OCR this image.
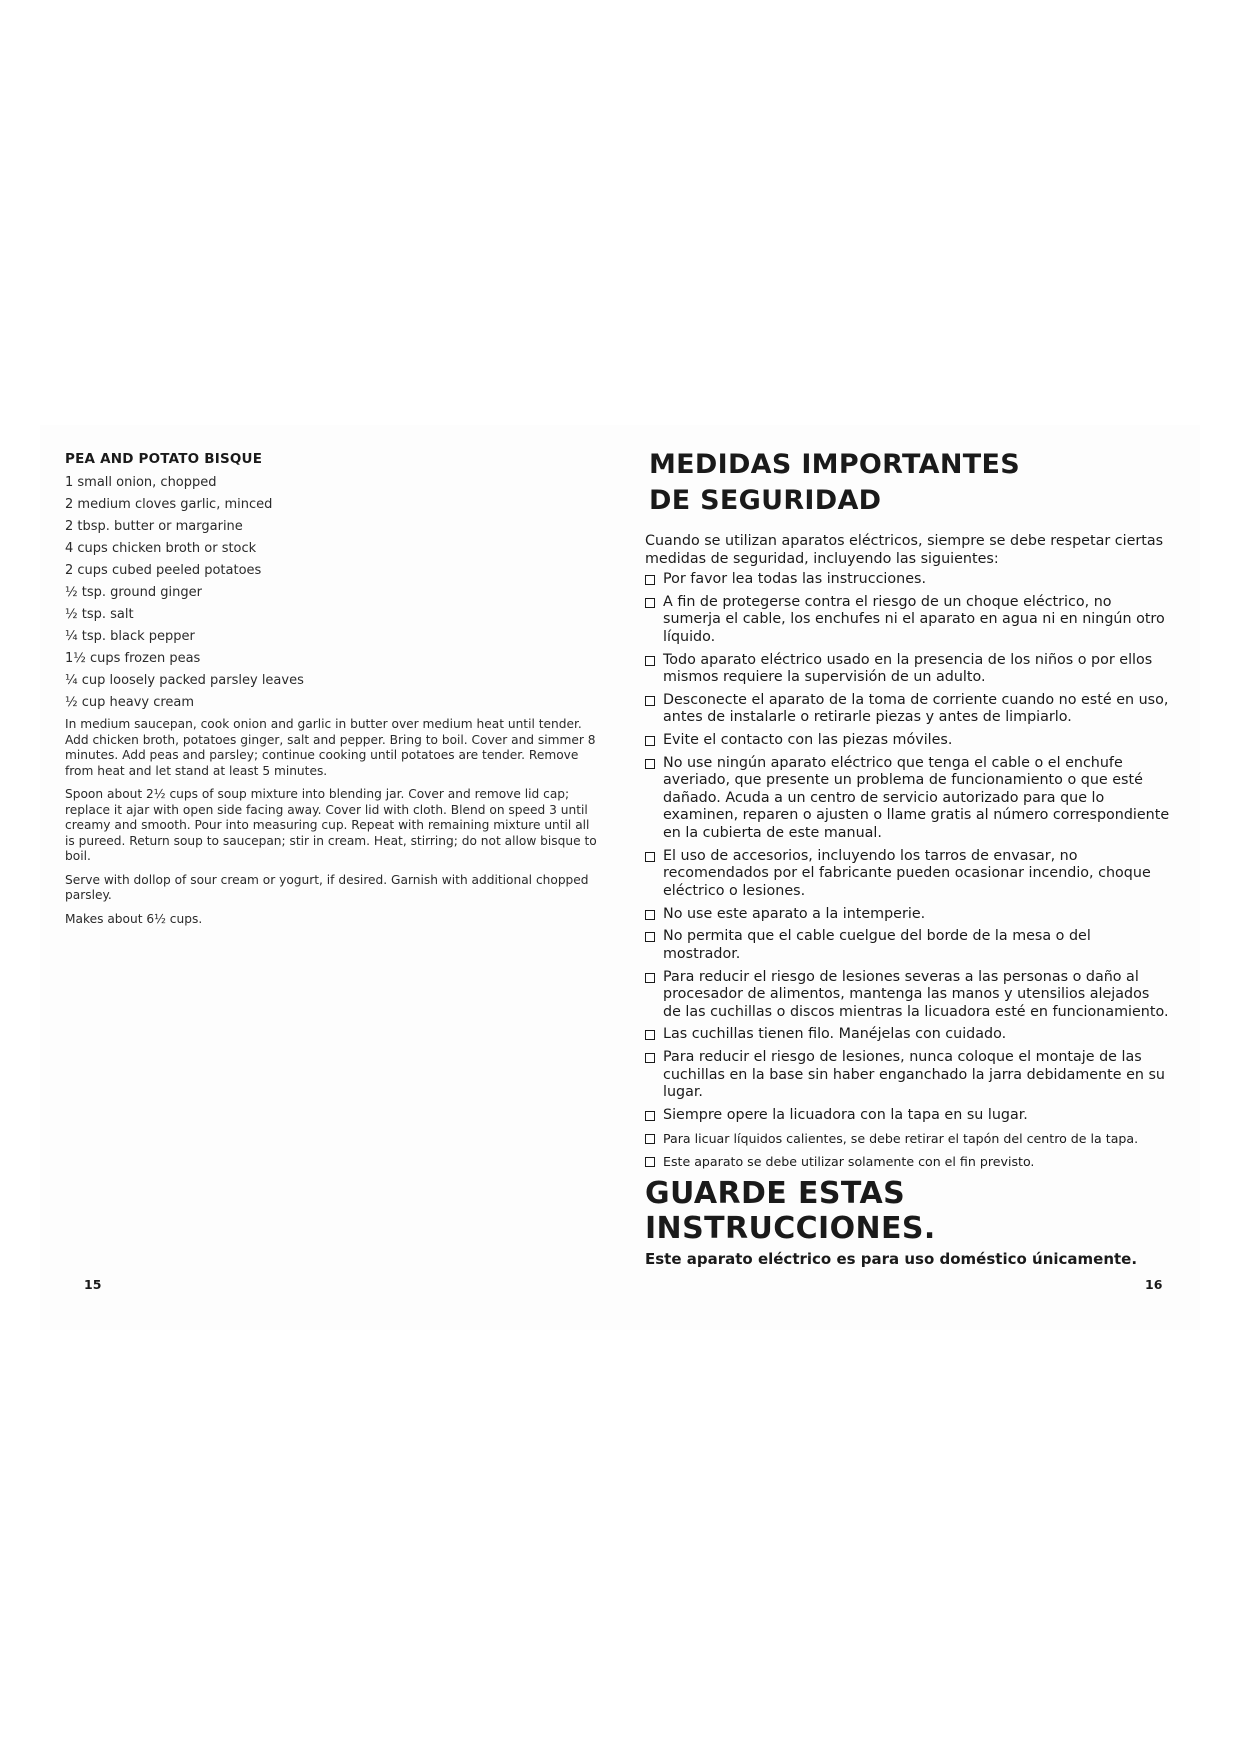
PEA AND POTATO BISQUE
1 small onion, chopped
2 medium cloves garlic, minced
2 tbsp. butter or margarine
4 cups chicken broth or stock
2 cups cubed peeled potatoes
½ tsp. ground ginger
½ tsp. salt
¼ tsp. black pepper
1½ cups frozen peas
¼ cup loosely packed parsley leaves
½ cup heavy cream

In medium saucepan, cook onion and garlic in butter over medium heat until tender. Add chicken broth, potatoes ginger, salt and pepper. Bring to boil. Cover and simmer 8 minutes. Add peas and parsley; continue cooking until potatoes are tender. Remove from heat and let stand at least 5 minutes.

Spoon about 2½ cups of soup mixture into blending jar. Cover and remove lid cap; replace it ajar with open side facing away. Cover lid with cloth. Blend on speed 3 until creamy and smooth. Pour into measuring cup. Repeat with remaining mixture until all is pureed. Return soup to saucepan; stir in cream. Heat, stirring; do not allow bisque to boil.

Serve with dollop of sour cream or yogurt, if desired. Garnish with additional chopped parsley.

Makes about 6½ cups.

MEDIDAS IMPORTANTES
DE SEGURIDAD

Cuando se utilizan aparatos eléctricos, siempre se debe respetar ciertas medidas de seguridad, incluyendo las siguientes:

Por favor lea todas las instrucciones.
A fin de protegerse contra el riesgo de un choque eléctrico, no sumerja el cable, los enchufes ni el aparato en agua ni en ningún otro líquido.
Todo aparato eléctrico usado en la presencia de los niños o por ellos mismos requiere la supervisión de un adulto.
Desconecte el aparato de la toma de corriente cuando no esté en uso, antes de instalarle o retirarle piezas y antes de limpiarlo.
Evite el contacto con las piezas móviles.
No use ningún aparato eléctrico que tenga el cable o el enchufe averiado, que presente un problema de funcionamiento o que esté dañado. Acuda a un centro de servicio autorizado para que lo examinen, reparen o ajusten o llame gratis al número correspondiente en la cubierta de este manual.
El uso de accesorios, incluyendo los tarros de envasar, no recomendados por el fabricante pueden ocasionar incendio, choque eléctrico o lesiones.
No use este aparato a la intemperie.
No permita que el cable cuelgue del borde de la mesa o del mostrador.
Para reducir el riesgo de lesiones severas a las personas o daño al procesador de alimentos, mantenga las manos y utensilios alejados de las cuchillas o discos mientras la licuadora esté en funcionamiento.
Las cuchillas tienen filo. Manéjelas con cuidado.
Para reducir el riesgo de lesiones, nunca coloque el montaje de las cuchillas en la base sin haber enganchado la jarra debidamente en su lugar.
Siempre opere la licuadora con la tapa en su lugar.
Para licuar líquidos calientes, se debe retirar el tapón del centro de la tapa.
Este aparato se debe utilizar solamente con el fin previsto.
GUARDE ESTAS INSTRUCCIONES.

Este aparato eléctrico es para uso doméstico únicamente.

15	16
